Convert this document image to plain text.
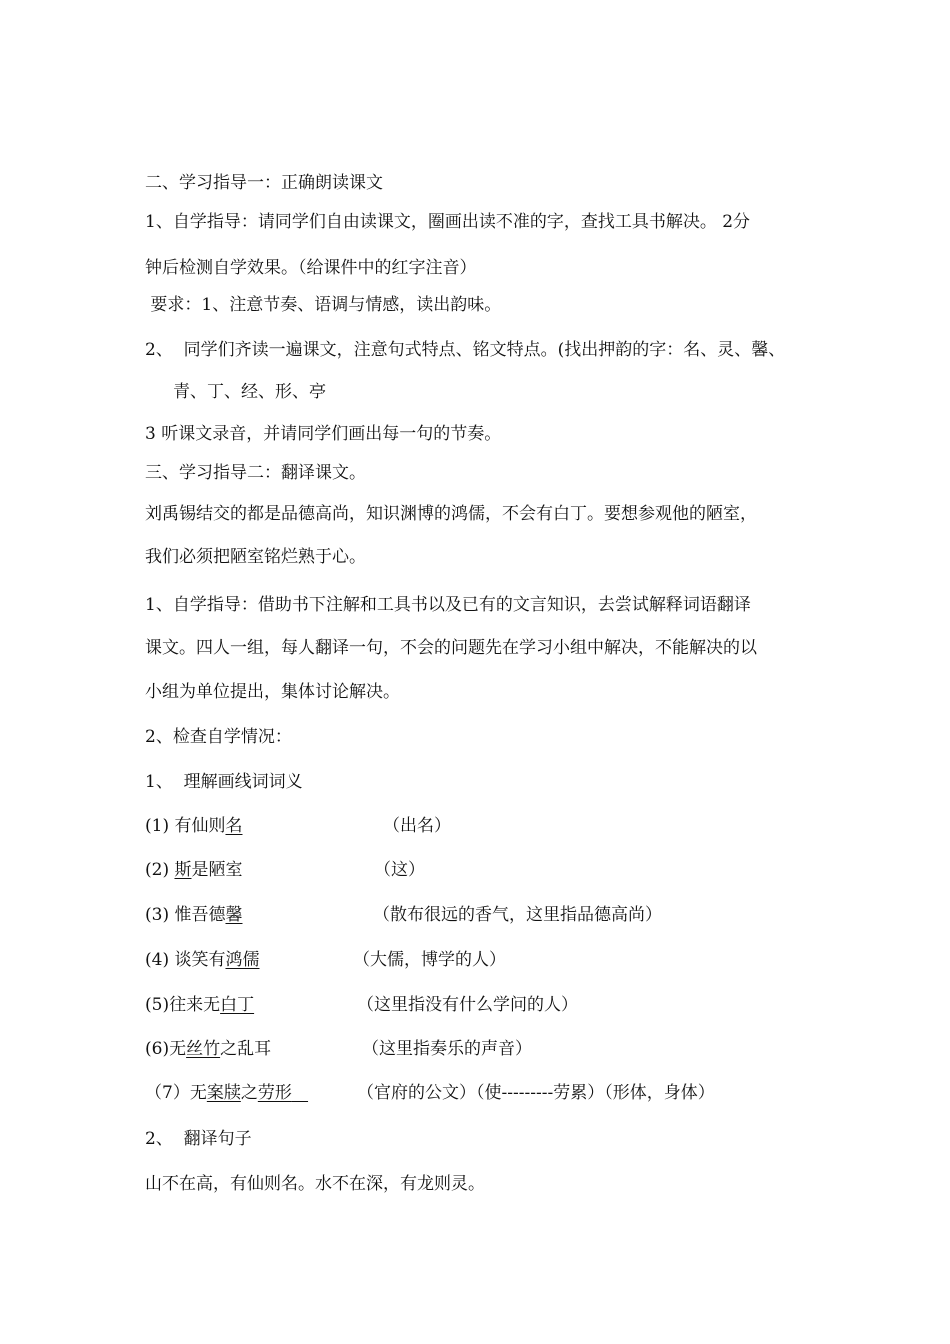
二、学习指导一：正确朗读课文
1、自学指导：请同学们自由读课文，圈画出读不准的字，查找工具书解决。 2分
钟后检测自学效果。（给课件中的红字注音）
要求：1、注意节奏、语调与情感，读出韵味。
2、  同学们齐读一遍课文，注意句式特点、铭文特点。(找出押韵的字：名、灵、馨、
青、丁、经、形、亭
3 听课文录音，并请同学们画出每一句的节奏。
三、学习指导二：翻译课文。
刘禹锡结交的都是品德高尚，知识渊博的鸿儒，不会有白丁。要想参观他的陋室，
我们必须把陋室铭烂熟于心。
1、自学指导：借助书下注解和工具书以及已有的文言知识，去尝试解释词语翻译
课文。四人一组，每人翻译一句，不会的问题先在学习小组中解决，不能解决的以
小组为单位提出，集体讨论解决。
2、检查自学情况：
1、  理解画线词词义
(1) 有仙则名	（出名）
(2) 斯是陋室	（这）
(3) 惟吾德馨	（散布很远的香气，这里指品德高尚）
(4) 谈笑有鸿儒	（大儒，博学的人）
(5)往来无白丁	（这里指没有什么学问的人）
(6)无丝竹之乱耳	（这里指奏乐的声音）
（7）无案牍之劳形	（官府的公文）（使---------劳累）（形体，身体）
2、  翻译句子
山不在高，有仙则名。水不在深，有龙则灵。
